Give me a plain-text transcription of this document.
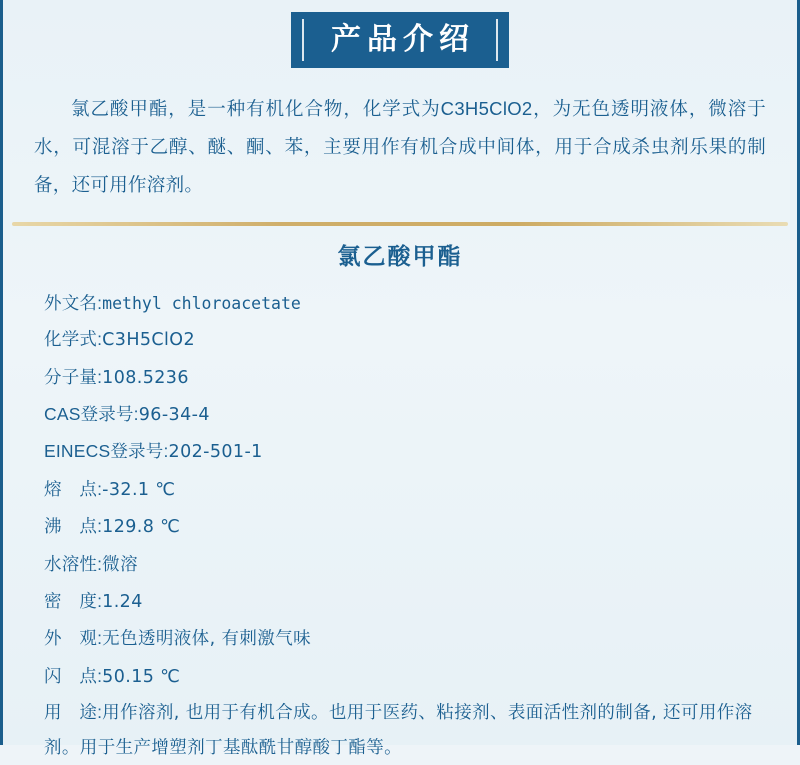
产品介绍

氯乙酸甲酯，是一种有机化合物，化学式为C3H5ClO2，为无色透明液体，微溶于水，可混溶于乙醇、醚、酮、苯，主要用作有机合成中间体，用于合成杀虫剂乐果的制备，还可用作溶剂。

氯乙酸甲酯
外文名:methyl chloroacetate
化学式:C3H5ClO2
分子量:108.5236
CAS登录号:96-34-4
EINECS登录号:202-501-1
熔　点:-32.1 ℃
沸　点:129.8 ℃
水溶性:微溶
密　度:1.24
外　观:无色透明液体, 有刺激气味
闪　点:50.15 ℃
用　途:用作溶剂, 也用于有机合成。也用于医药、粘接剂、表面活性剂的制备, 还可用作溶剂。用于生产增塑剂丁基酞酰甘醇酸丁酯等。
